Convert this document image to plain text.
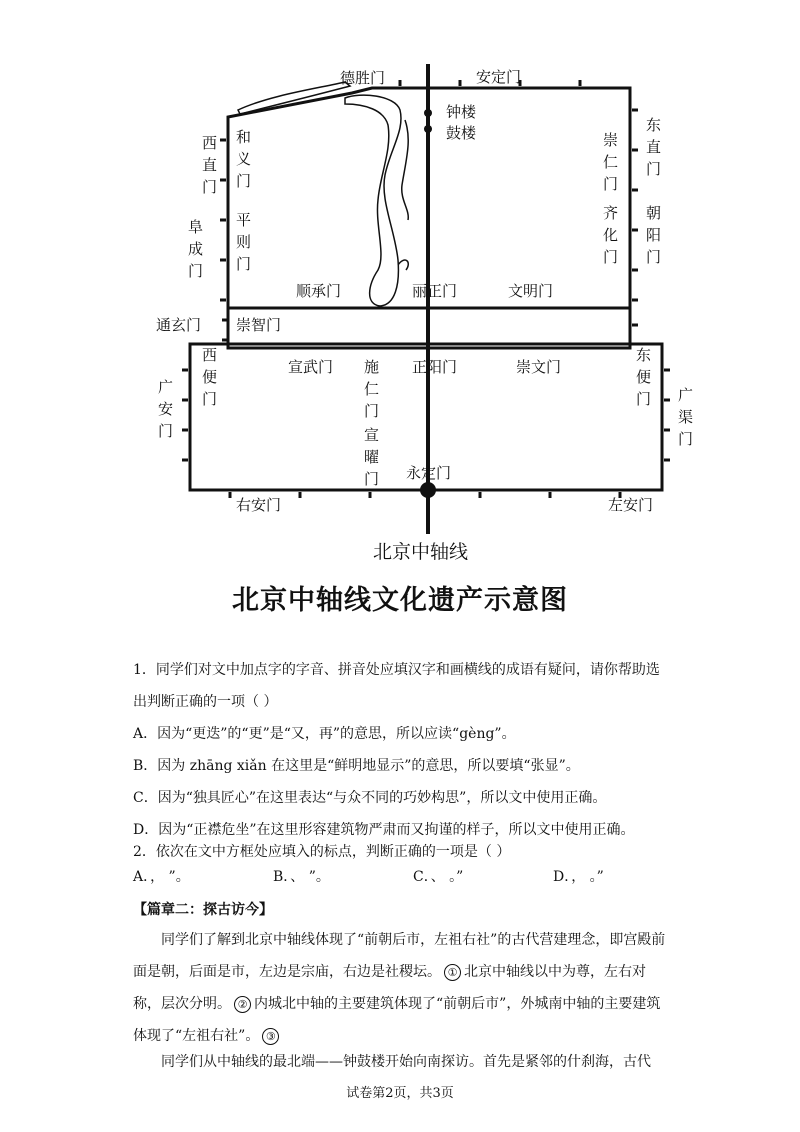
德胜门	安定门
钟楼
鼓楼
顺承门	丽正门	文明门
通玄门 崇智门
宣武门	正阳门	崇文门
永定门
右安门	左安门
北京中轴线
西直门
和义门
东直门
崇仁门
阜成门
平则门
齐化门
朝阳门
西便门
东便门
广安门
施仁门
宣曜门
广渠门
北京中轴线文化遗产示意图
1．同学们对文中加点字的字音、拼音处应填汉字和画横线的成语有疑问，请你帮助选
出判断正确的一项（ ）
A．因为“更迭”的“更”是“又，再”的意思，所以应读“gèng”。
B．因为 zhāng xiǎn 在这里是“鲜明地显示”的意思，所以要填“张显”。
C．因为“独具匠心”在这里表达“与众不同的巧妙构思”，所以文中使用正确。
D．因为“正襟危坐”在这里形容建筑物严肃而又拘谨的样子，所以文中使用正确。
2．依次在文中方框处应填入的标点，判断正确的一项是（ ）
A．， ”。	B．、 ”。	C．、 。”	D．， 。”
【篇章二：探古访今】
同学们了解到北京中轴线体现了“前朝后市，左祖右社”的古代营建理念，即宫殿前面是朝，后面是市，左边是宗庙，右边是社稷坛。 ① 北京中轴线以中为尊，左右对称，层次分明。 ② 内城北中轴的主要建筑体现了“前朝后市”，外城南中轴的主要建筑体现了“左祖右社”。 ③
同学们从中轴线的最北端——钟鼓楼开始向南探访。首先是紧邻的什刹海，古代
试卷第2页，共3页
